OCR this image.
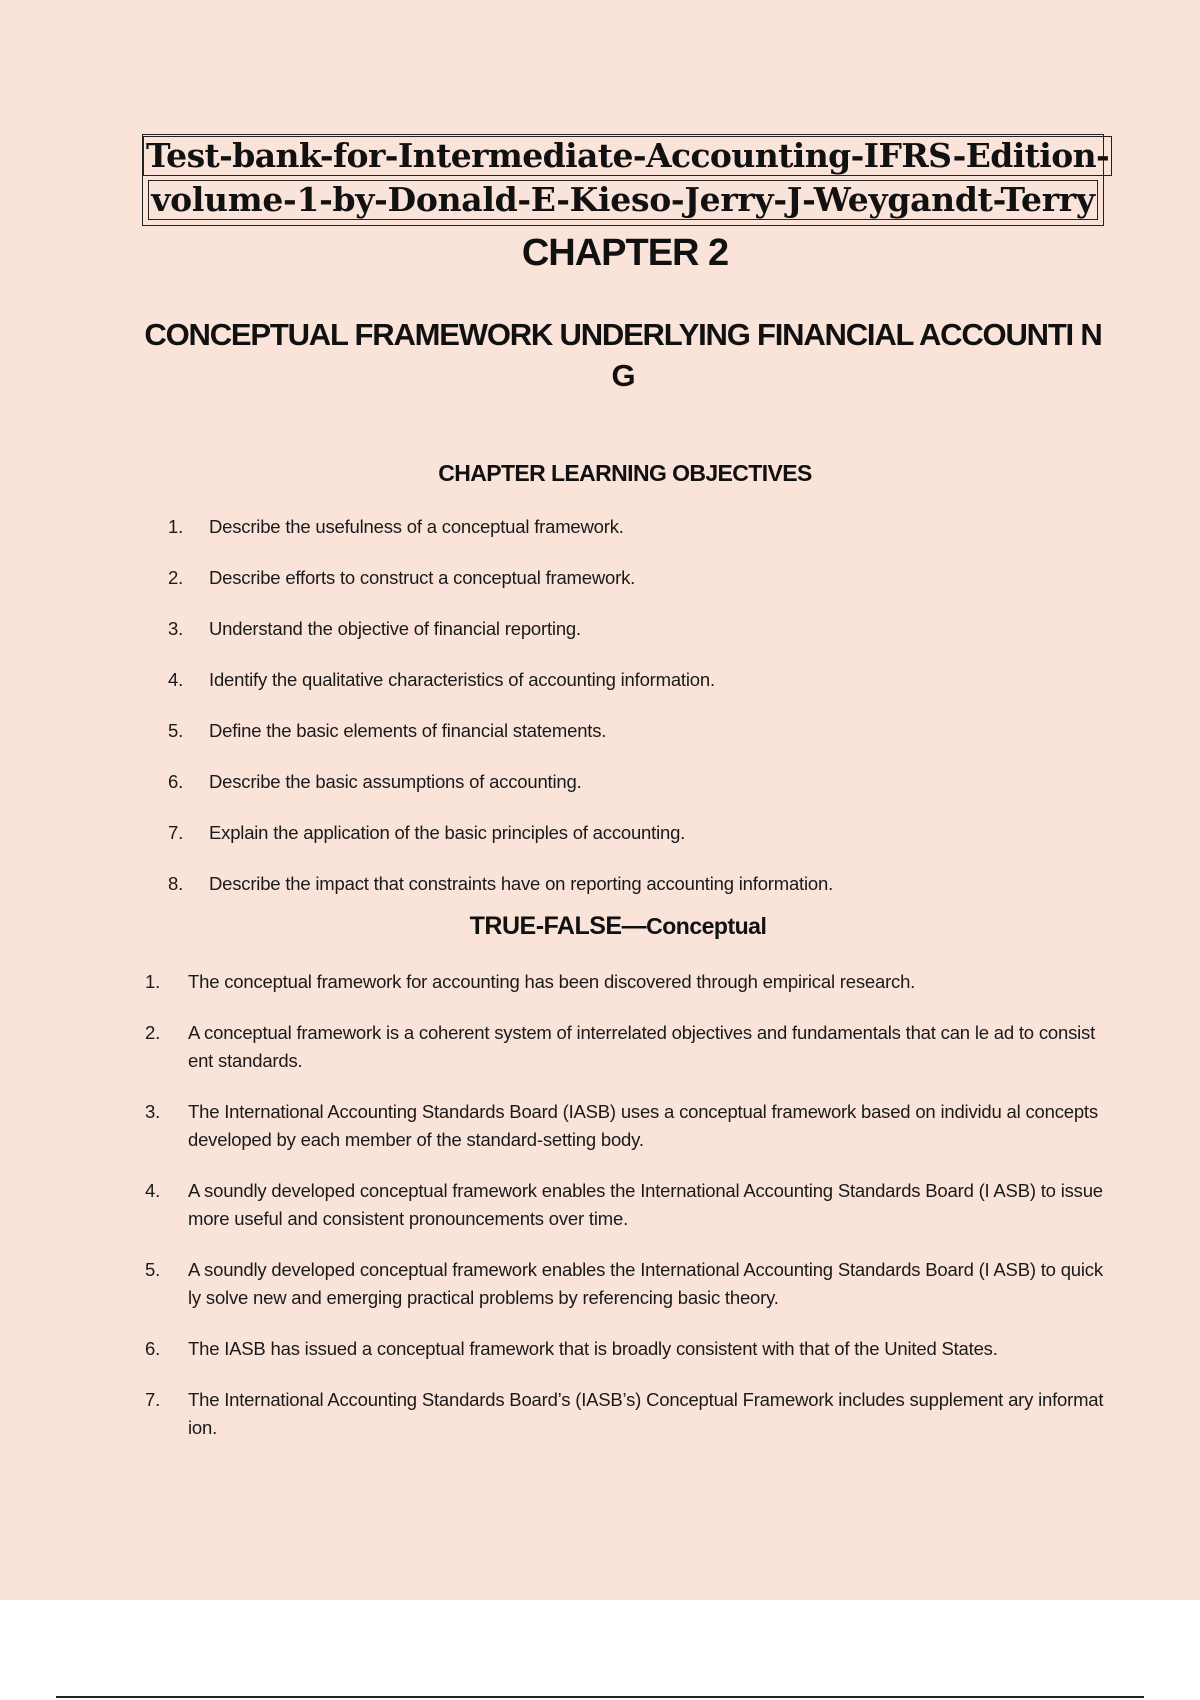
Test-bank-for-Intermediate-Accounting-IFRS-Edition-
volume-1-by-Donald-E-Kieso-Jerry-J-Weygandt-Terry
CHAPTER 2
CONCEPTUAL FRAMEWORK UNDERLYING FINANCIAL ACCOUNTI NG
CHAPTER LEARNING OBJECTIVES
1. Describe the usefulness of a conceptual framework.
2. Describe efforts to construct a conceptual framework.
3. Understand the objective of financial reporting.
4. Identify the qualitative characteristics of accounting information.
5. Define the basic elements of financial statements.
6. Describe the basic assumptions of accounting.
7. Explain the application of the basic principles of accounting.
8. Describe the impact that constraints have on reporting accounting information.
TRUE-FALSE—Conceptual
1. The conceptual framework for accounting has been discovered through empirical research.
2. A conceptual framework is a coherent system of interrelated objectives and fundamentals that can le ad to consistent standards.
3. The International Accounting Standards Board (IASB) uses a conceptual framework based on individu al concepts developed by each member of the standard-setting body.
4. A soundly developed conceptual framework enables the International Accounting Standards Board (I ASB) to issue more useful and consistent pronouncements over time.
5. A soundly developed conceptual framework enables the International Accounting Standards Board (I ASB) to quickly solve new and emerging practical problems by referencing basic theory.
6. The IASB has issued a conceptual framework that is broadly consistent with that of the United States.
7. The International Accounting Standards Board’s (IASB’s) Conceptual Framework includes supplement ary information.
